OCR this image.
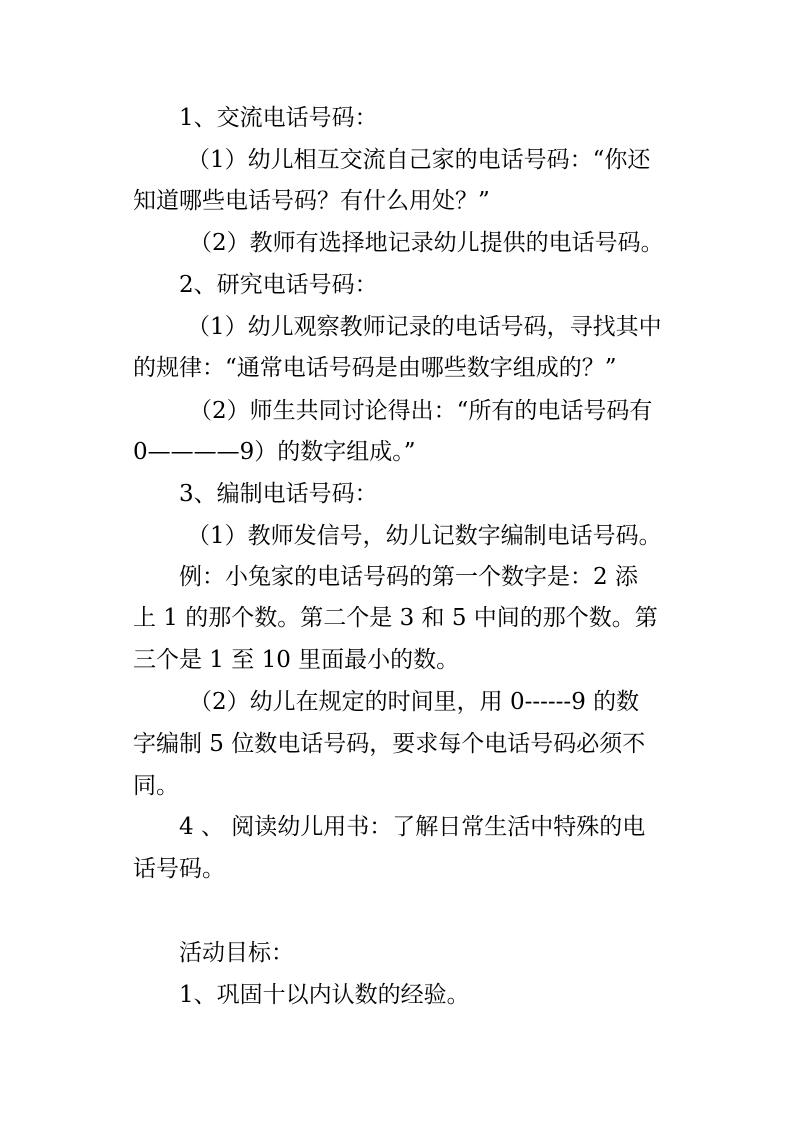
1、交流电话号码：
（1）幼儿相互交流自己家的电话号码：“你还
知道哪些电话号码？有什么用处？”
（2）教师有选择地记录幼儿提供的电话号码。
2、研究电话号码：
（1）幼儿观察教师记录的电话号码，寻找其中
的规律：“通常电话号码是由哪些数字组成的？”
（2）师生共同讨论得出：“所有的电话号码有
0————9）的数字组成。”
3、编制电话号码：
（1）教师发信号，幼儿记数字编制电话号码。
例：小兔家的电话号码的第一个数字是：2 添
上 1 的那个数。第二个是 3 和 5 中间的那个数。第
三个是 1 至 10 里面最小的数。
（2）幼儿在规定的时间里，用 0------9 的数
字编制 5 位数电话号码，要求每个电话号码必须不
同。
4 、 阅读幼儿用书：了解日常生活中特殊的电
话号码。
活动目标：
1、巩固十以内认数的经验。
